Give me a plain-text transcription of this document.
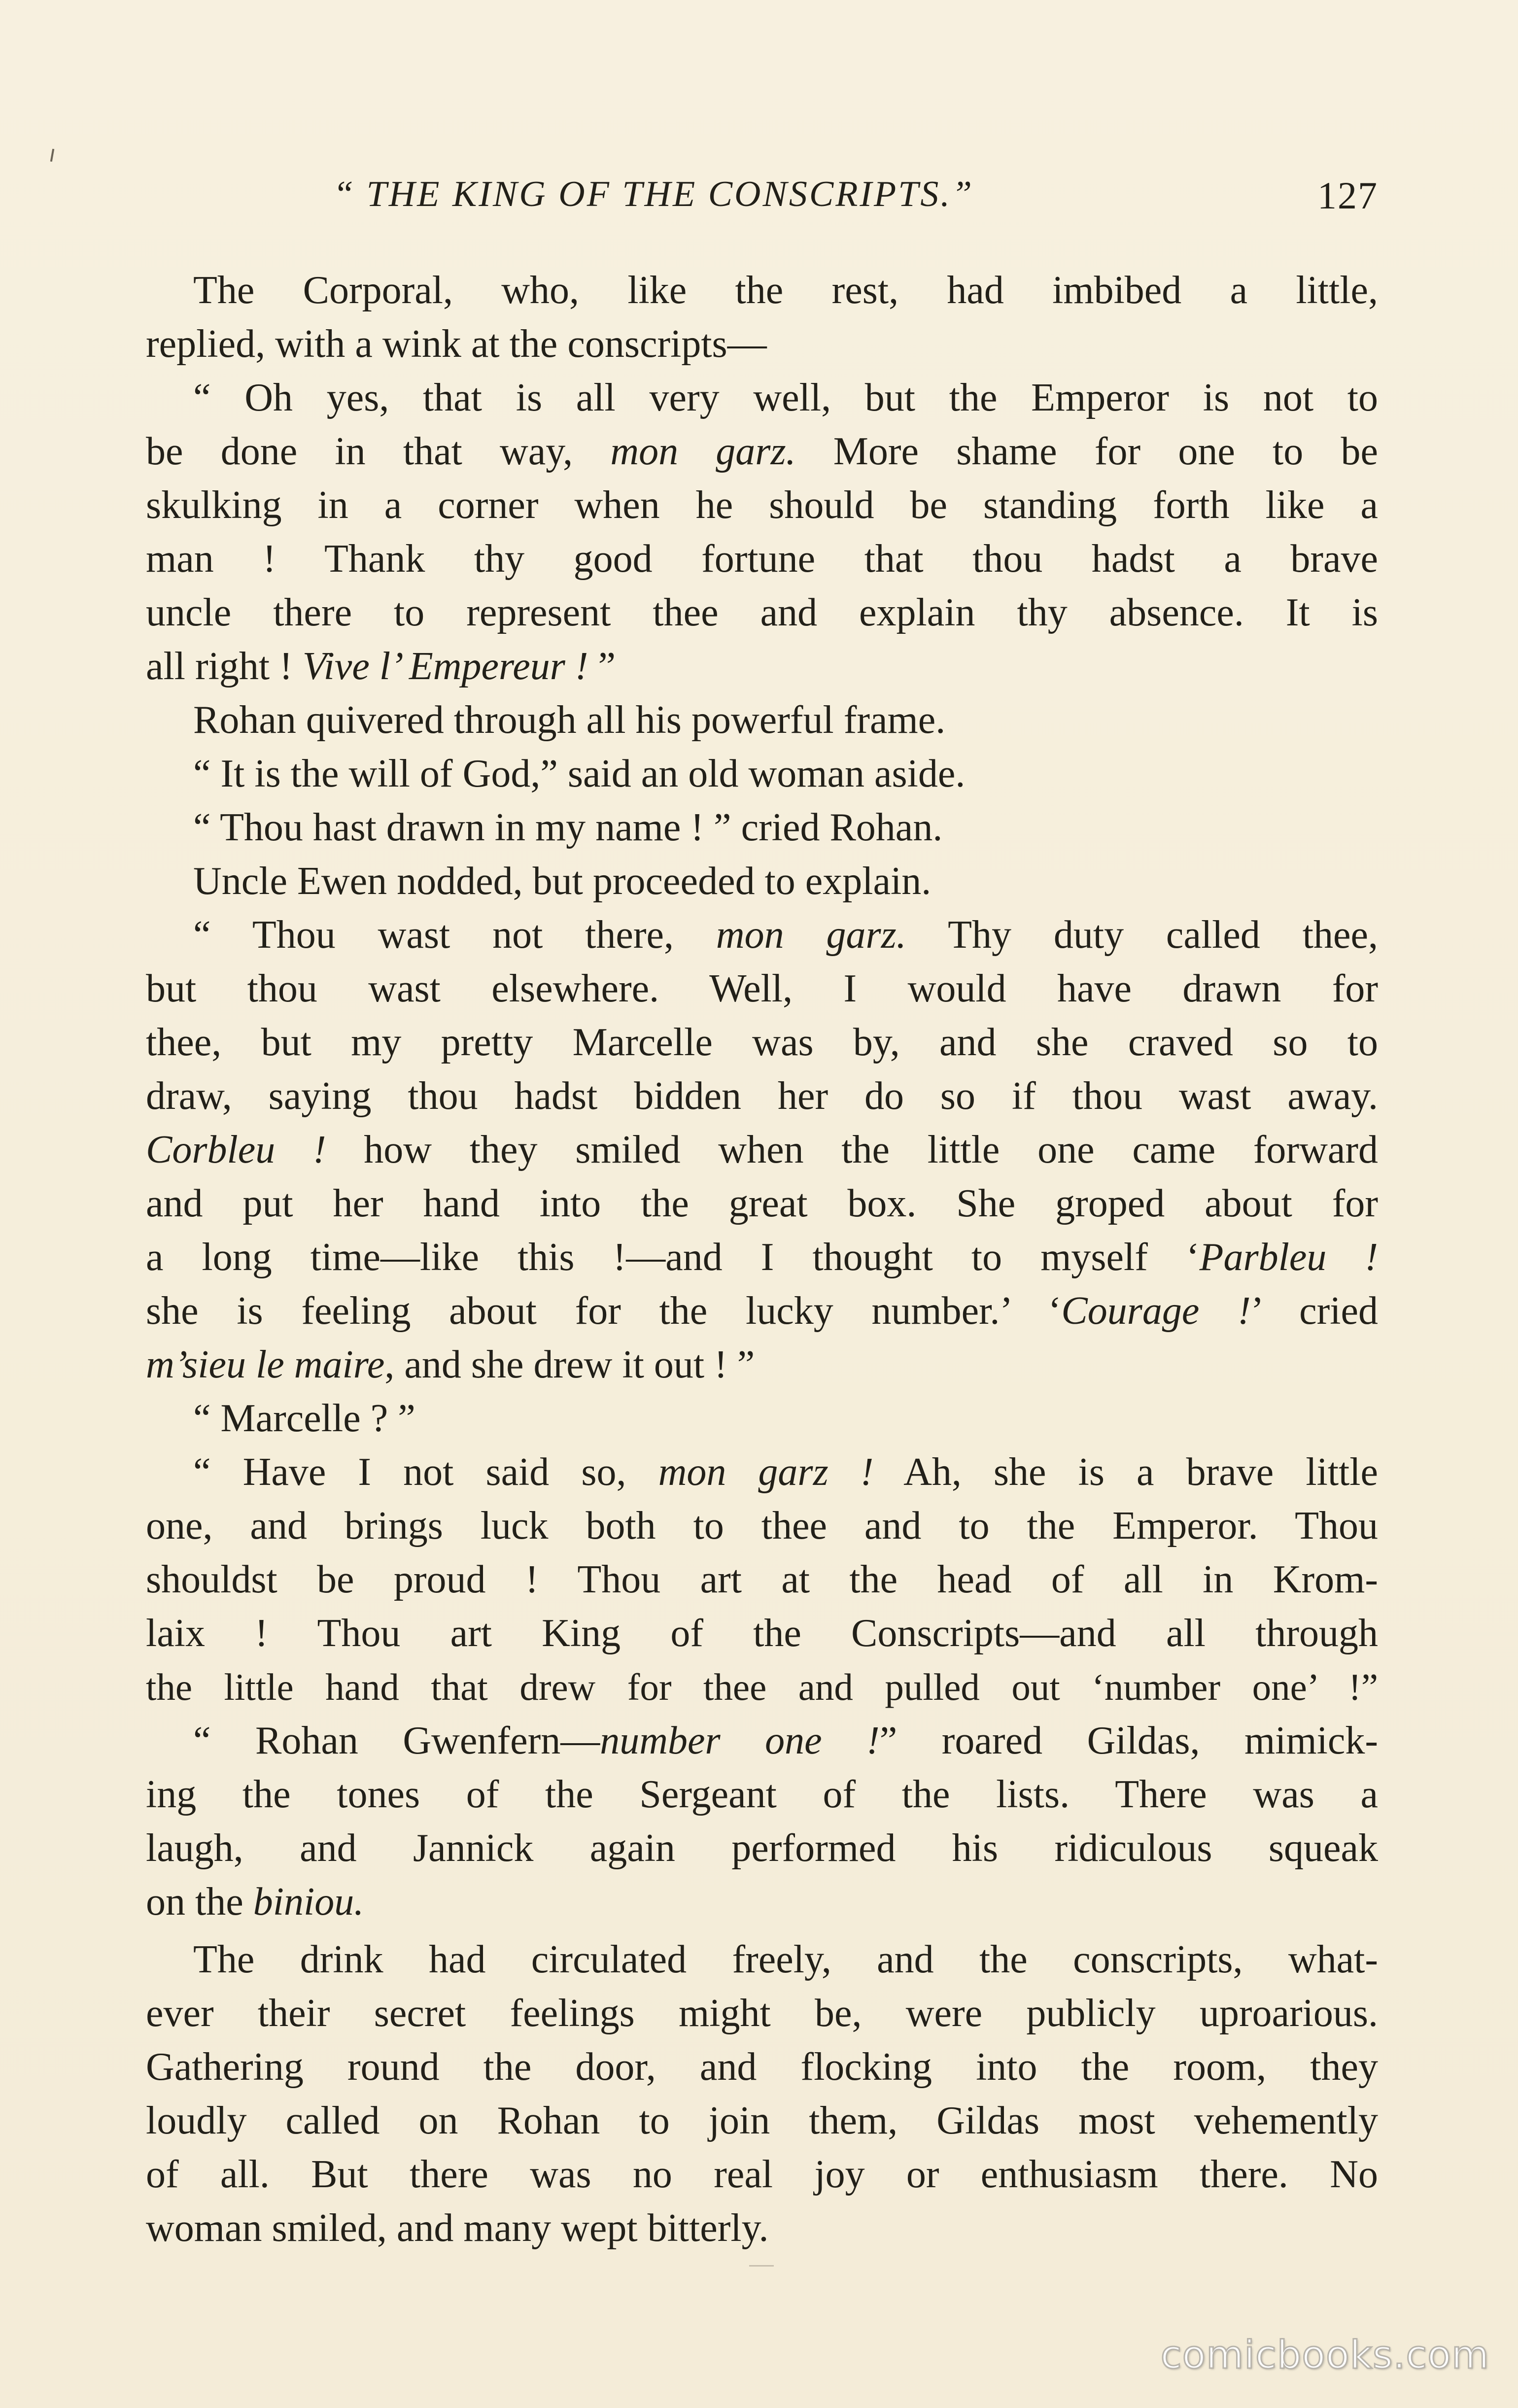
“ THE KING OF THE CONSCRIPTS.”	127
The Corporal, who, like the rest, had imbibed a little,
replied, with a wink at the conscripts—
“ Oh yes, that is all very well, but the Emperor is not to
be done in that way, mon garz. More shame for one to be
skulking in a corner when he should be standing forth like a
man ! Thank thy good fortune that thou hadst a brave
uncle there to represent thee and explain thy absence. It is
all right ! Vive l’ Empereur ! ”
Rohan quivered through all his powerful frame.
“ It is the will of God,” said an old woman aside.
“ Thou hast drawn in my name ! ” cried Rohan.
Uncle Ewen nodded, but proceeded to explain.
“ Thou wast not there, mon garz. Thy duty called thee,
but thou wast elsewhere. Well, I would have drawn for
thee, but my pretty Marcelle was by, and she craved so to
draw, saying thou hadst bidden her do so if thou wast away.
Corbleu ! how they smiled when the little one came forward
and put her hand into the great box. She groped about for
a long time—like this !—and I thought to myself ‘Parbleu !
she is feeling about for the lucky number.’ ‘Courage !’ cried
m’sieu le maire, and she drew it out ! ”
“ Marcelle ? ”
“ Have I not said so, mon garz ! Ah, she is a brave little
one, and brings luck both to thee and to the Emperor. Thou
shouldst be proud ! Thou art at the head of all in Krom-
laix ! Thou art King of the Conscripts—and all through
the little hand that drew for thee and pulled out ‘number one’ !”
“ Rohan Gwenfern—number one !” roared Gildas, mimick-
ing the tones of the Sergeant of the lists. There was a
laugh, and Jannick again performed his ridiculous squeak
on the biniou.
The drink had circulated freely, and the conscripts, what-
ever their secret feelings might be, were publicly uproarious.
Gathering round the door, and flocking into the room, they
loudly called on Rohan to join them, Gildas most vehemently
of all. But there was no real joy or enthusiasm there. No
woman smiled, and many wept bitterly.
comicbooks.com
